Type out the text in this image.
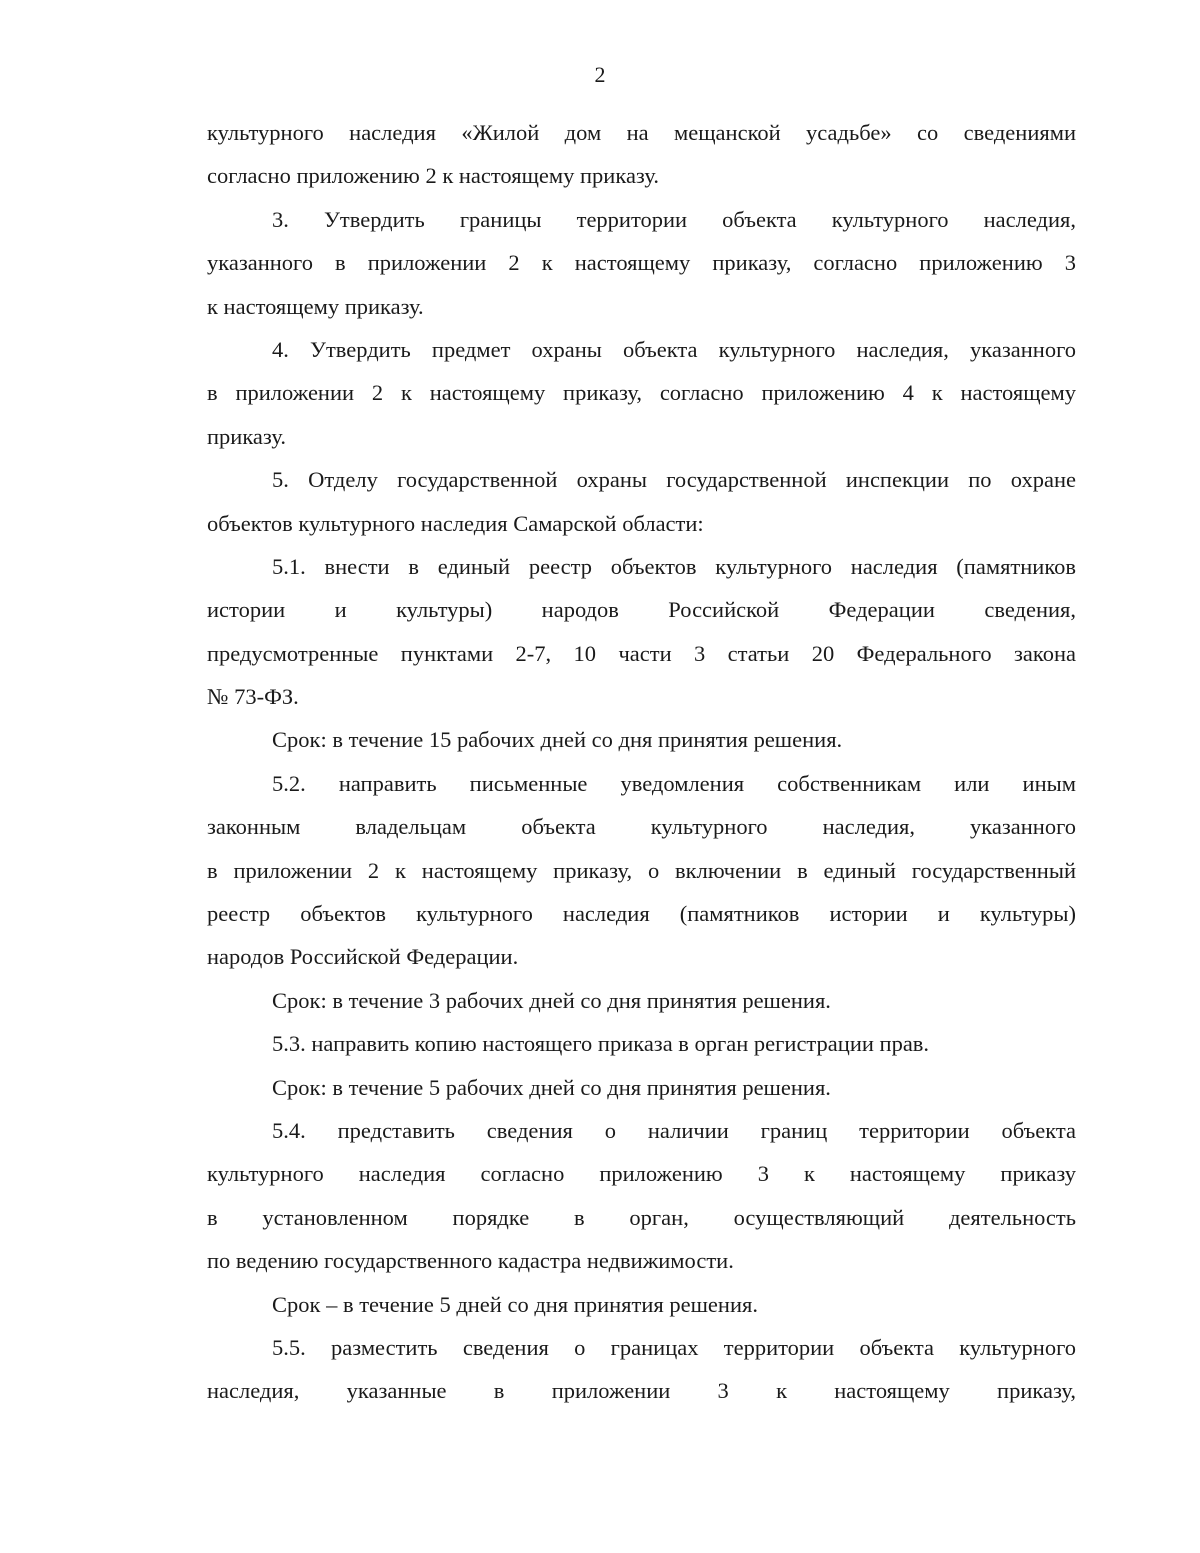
2
культурного наследия «Жилой дом на мещанской усадьбе» со сведениями
согласно приложению 2 к настоящему приказу.
3. Утвердить границы территории объекта культурного наследия,
указанного в приложении 2 к настоящему приказу, согласно приложению 3
к настоящему приказу.
4. Утвердить предмет охраны объекта культурного наследия, указанного
в приложении 2 к настоящему приказу, согласно приложению 4 к настоящему
приказу.
5. Отделу государственной охраны государственной инспекции по охране
объектов культурного наследия Самарской области:
5.1. внести в единый реестр объектов культурного наследия (памятников
истории и культуры) народов Российской Федерации сведения,
предусмотренные пунктами 2-7, 10 части 3 статьи 20 Федерального закона
№ 73-ФЗ.
Срок: в течение 15 рабочих дней со дня принятия решения.
5.2. направить письменные уведомления собственникам или иным
законным владельцам объекта культурного наследия, указанного
в приложении 2 к настоящему приказу, о включении в единый государственный
реестр объектов культурного наследия (памятников истории и культуры)
народов Российской Федерации.
Срок: в течение 3 рабочих дней со дня принятия решения.
5.3. направить копию настоящего приказа в орган регистрации прав.
Срок: в течение 5 рабочих дней со дня принятия решения.
5.4. представить сведения о наличии границ территории объекта
культурного наследия согласно приложению 3 к настоящему приказу
в установленном порядке в орган, осуществляющий деятельность
по ведению государственного кадастра недвижимости.
Срок – в течение 5 дней со дня принятия решения.
5.5. разместить сведения о границах территории объекта культурного
наследия, указанные в приложении 3 к настоящему приказу,
